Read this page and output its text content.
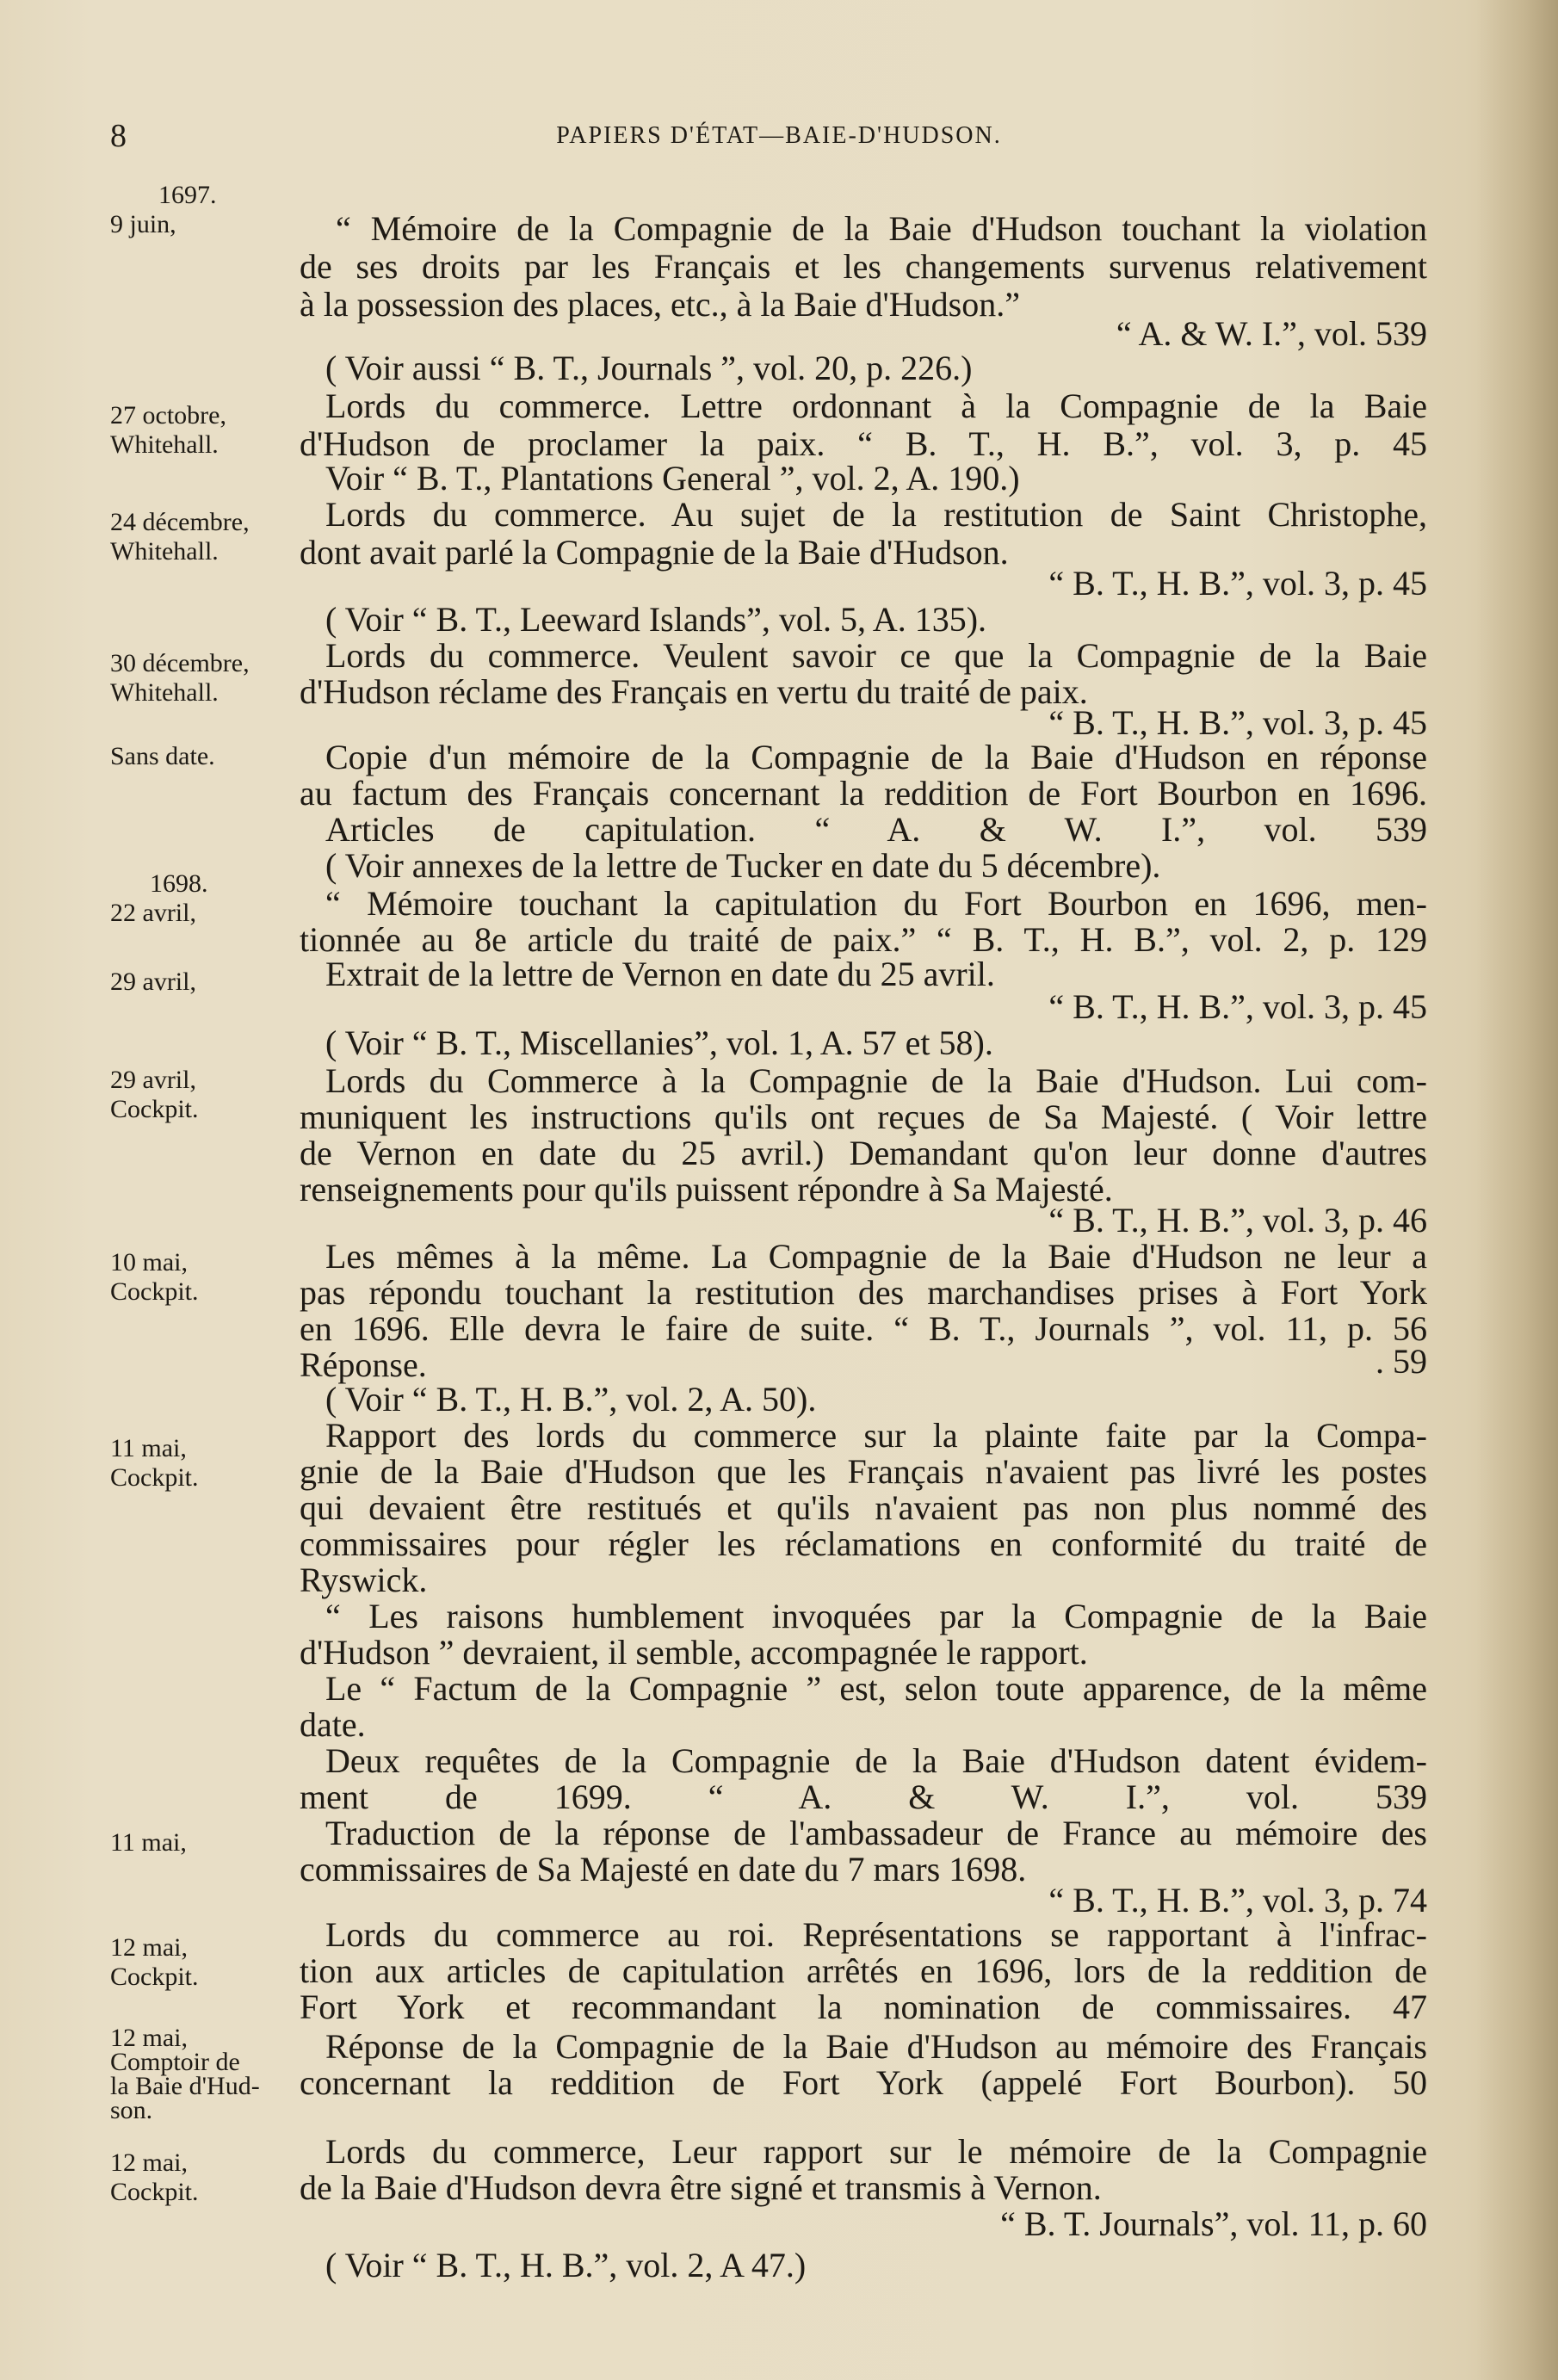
8	PAPIERS D'ÉTAT—BAIE-D'HUDSON.
1697.
9 juin,
27 octobre,
Whitehall.
24 décembre,
Whitehall.
30 décembre,
Whitehall.
Sans date.
1698.
22 avril,
29 avril,
29 avril,
Cockpit.
10 mai,
Cockpit.
11 mai,
Cockpit.
11 mai,
12 mai,
Cockpit.
12 mai,
Comptoir de
la Baie d'Hud-
son.
12 mai,
Cockpit.
“ Mémoire de la Compagnie de la Baie d'Hudson touchant la violation
de ses droits par les Français et les changements survenus relativement
à la possession des places, etc., à la Baie d'Hudson.”
“ A. & W. I.”, vol. 539
( Voir aussi “ B. T., Journals ”, vol. 20, p. 226.)
Lords du commerce. Lettre ordonnant à la Compagnie de la Baie
d'Hudson de proclamer la paix. “ B. T., H. B.”, vol. 3, p. 45
Voir “ B. T., Plantations General ”, vol. 2, A. 190.)
Lords du commerce. Au sujet de la restitution de Saint Christophe,
dont avait parlé la Compagnie de la Baie d'Hudson.
“ B. T., H. B.”, vol. 3, p. 45
( Voir “ B. T., Leeward Islands”, vol. 5, A. 135).
Lords du commerce. Veulent savoir ce que la Compagnie de la Baie
d'Hudson réclame des Français en vertu du traité de paix.
“ B. T., H. B.”, vol. 3, p. 45
Copie d'un mémoire de la Compagnie de la Baie d'Hudson en réponse
au factum des Français concernant la reddition de Fort Bourbon en 1696.
Articles de capitulation. “ A. & W. I.”, vol. 539
( Voir annexes de la lettre de Tucker en date du 5 décembre).
“ Mémoire touchant la capitulation du Fort Bourbon en 1696, men-
tionnée au 8e article du traité de paix.” “ B. T., H. B.”, vol. 2, p. 129
Extrait de la lettre de Vernon en date du 25 avril.
“ B. T., H. B.”, vol. 3, p. 45
( Voir “ B. T., Miscellanies”, vol. 1, A. 57 et 58).
Lords du Commerce à la Compagnie de la Baie d'Hudson. Lui com-
muniquent les instructions qu'ils ont reçues de Sa Majesté. ( Voir lettre
de Vernon en date du 25 avril.) Demandant qu'on leur donne d'autres
renseignements pour qu'ils puissent répondre à Sa Majesté.
“ B. T., H. B.”, vol. 3, p. 46
Les mêmes à la même. La Compagnie de la Baie d'Hudson ne leur a
pas répondu touchant la restitution des marchandises prises à Fort York
en 1696. Elle devra le faire de suite. “ B. T., Journals ”, vol. 11, p. 56
Réponse.	. 59
( Voir “ B. T., H. B.”, vol. 2, A. 50).
Rapport des lords du commerce sur la plainte faite par la Compa-
gnie de la Baie d'Hudson que les Français n'avaient pas livré les postes
qui devaient être restitués et qu'ils n'avaient pas non plus nommé des
commissaires pour régler les réclamations en conformité du traité de
Ryswick.
“ Les raisons humblement invoquées par la Compagnie de la Baie
d'Hudson ” devraient, il semble, accompagnée le rapport.
Le “ Factum de la Compagnie ” est, selon toute apparence, de la même
date.
Deux requêtes de la Compagnie de la Baie d'Hudson datent évidem-
ment de 1699. “ A. & W. I.”, vol. 539
Traduction de la réponse de l'ambassadeur de France au mémoire des
commissaires de Sa Majesté en date du 7 mars 1698.
“ B. T., H. B.”, vol. 3, p. 74
Lords du commerce au roi. Représentations se rapportant à l'infrac-
tion aux articles de capitulation arrêtés en 1696, lors de la reddition de
Fort York et recommandant la nomination de commissaires. 47
Réponse de la Compagnie de la Baie d'Hudson au mémoire des Français
concernant la reddition de Fort York (appelé Fort Bourbon). 50
Lords du commerce, Leur rapport sur le mémoire de la Compagnie
de la Baie d'Hudson devra être signé et transmis à Vernon.
“ B. T. Journals”, vol. 11, p. 60
( Voir “ B. T., H. B.”, vol. 2, A 47.)
